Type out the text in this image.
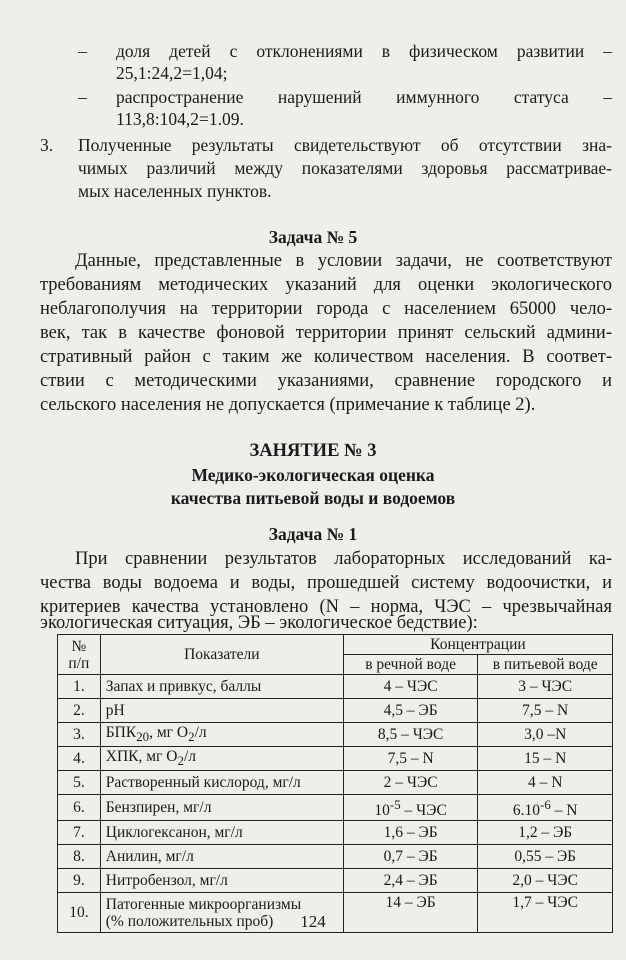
– доля детей с отклонениями в физическом развитии –
25,1:24,2=1,04;
– распространение нарушений иммунного статуса –
113,8:104,2=1.09.
3. Полученные результаты свидетельствуют об отсутствии зна-
чимых различий между показателями здоровья рассматривае-
мых населенных пунктов.
Задача № 5
Данные, представленные в условии задачи, не соответствуют
требованиям методических указаний для оценки экологического
неблагополучия на территории города с населением 65000 чело-
век, так в качестве фоновой территории принят сельский админи-
стративный район с таким же количеством населения. В соответ-
ствии с методическими указаниями, сравнение городского и
сельского населения не допускается (примечание к таблице 2).
ЗАНЯТИЕ № 3
Медико-экологическая оценка
качества питьевой воды и водоемов
Задача № 1
При сравнении результатов лабораторных исследований ка-
чества воды водоема и воды, прошедшей систему водоочистки, и
критериев качества установлено (N – норма, ЧЭС – чрезвычайная
экологическая ситуация, ЭБ – экологическое бедствие):
№
п/п	Показатели	Концентрации	
		в речной воде	в питьевой воде
1.	Запах и привкус, баллы	4 – ЧЭС	3 – ЧЭС
2.	pH	4,5 – ЭБ	7,5 – N
3.	$БПК_{20}$, мг $O_2/л$	8,5 – ЧЭС	3,0 –N
4.	ХПК, мг $O_2/л$	7,5 – N	15 – N
5.	Растворенный кислород, мг/л	2 – ЧЭС	4 – N
6.	Бензпирен, мг/л	$10^{-5}$ – ЧЭС	$6.10^{-6}$ – N
7.	Циклогексанон, мг/л	1,6 – ЭБ	1,2 – ЭБ
8.	Анилин, мг/л	0,7 – ЭБ	0,55 – ЭБ
9.	Нитробензол, мг/л	2,4 – ЭБ	2,0 – ЧЭС
10.	Патогенные микроорганизмы
(% положительных проб)	14 – ЭБ	1,7 – ЧЭС
124
